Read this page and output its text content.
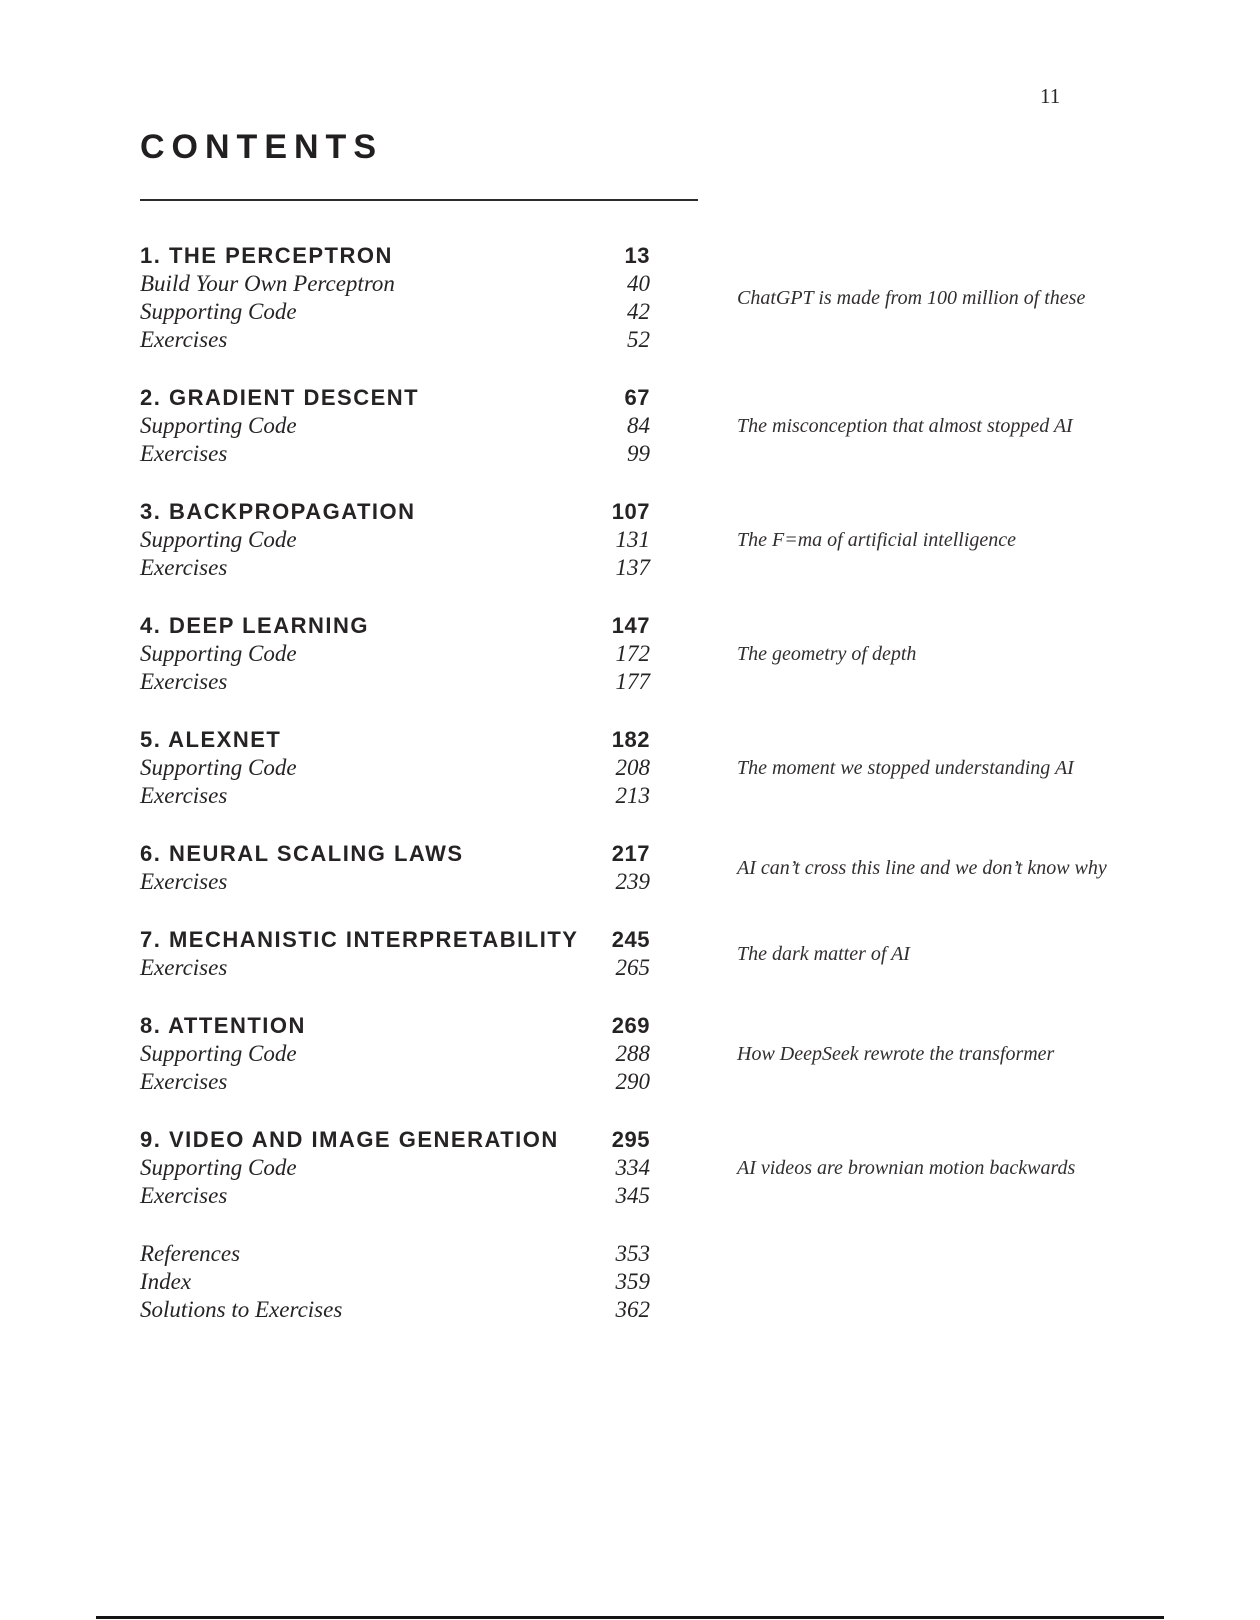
11
CONTENTS
1. THE PERCEPTRON	13
Build Your Own Perceptron	40
Supporting Code	42
Exercises	52
ChatGPT is made from 100 million of these
2. GRADIENT DESCENT	67
Supporting Code	84
Exercises	99
The misconception that almost stopped AI
3. BACKPROPAGATION	107
Supporting Code	131
Exercises	137
The F=ma of artificial intelligence
4. DEEP LEARNING	147
Supporting Code	172
Exercises	177
The geometry of depth
5. ALEXNET	182
Supporting Code	208
Exercises	213
The moment we stopped understanding AI
6. NEURAL SCALING LAWS	217
Exercises	239
AI can’t cross this line and we don’t know why
7. MECHANISTIC INTERPRETABILITY 245
Exercises	265
The dark matter of AI
8. ATTENTION	269
Supporting Code	288
Exercises	290
How DeepSeek rewrote the transformer
9. VIDEO AND IMAGE GENERATION 295
Supporting Code	334
Exercises	345
AI videos are brownian motion backwards
References	353
Index	359
Solutions to Exercises	362
